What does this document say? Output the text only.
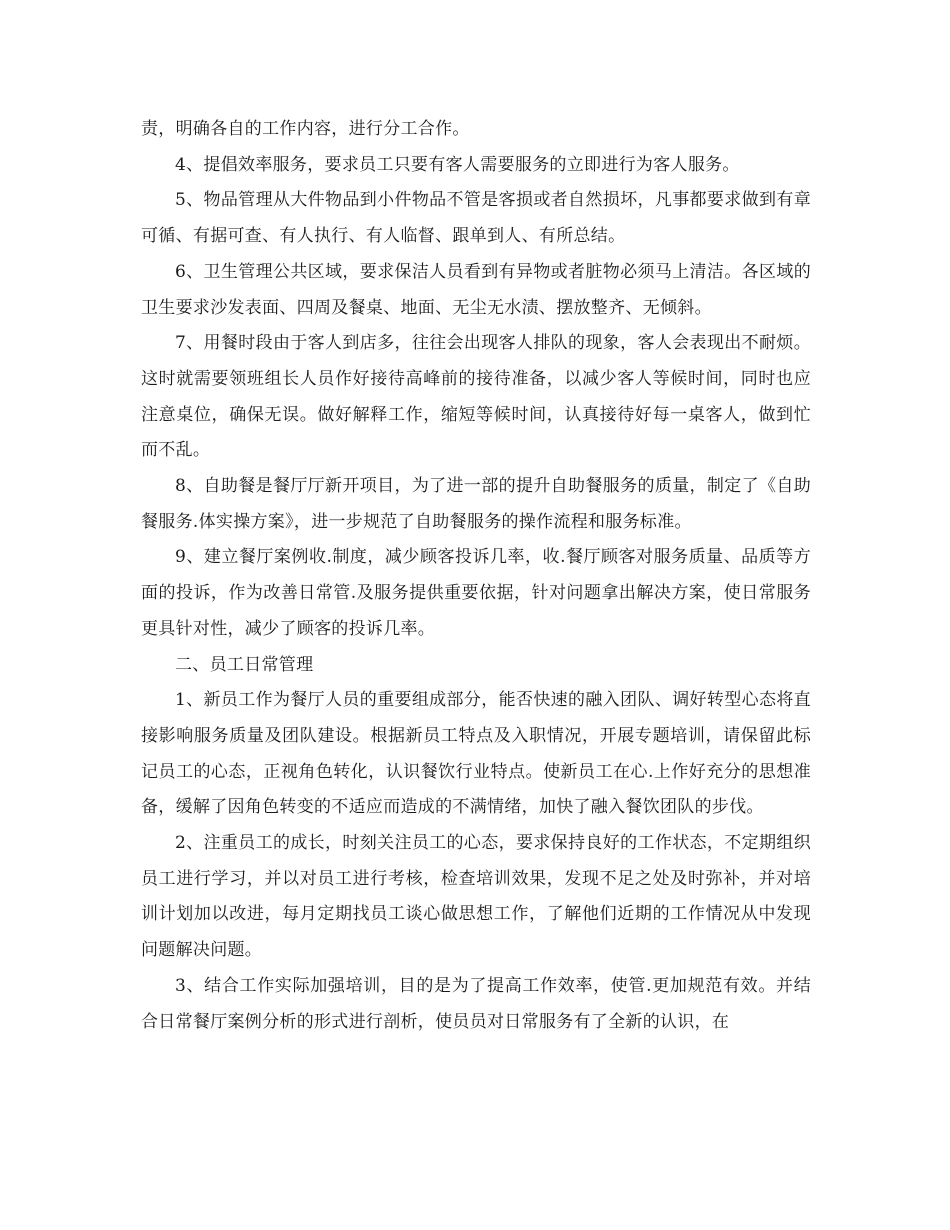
责，明确各自的工作内容，进行分工合作。

4、提倡效率服务，要求员工只要有客人需要服务的立即进行为客人服务。

5、物品管理从大件物品到小件物品不管是客损或者自然损坏，凡事都要求做到有章可循、有据可查、有人执行、有人临督、跟单到人、有所总结。

6、卫生管理公共区域，要求保洁人员看到有异物或者脏物必须马上清洁。各区域的卫生要求沙发表面、四周及餐桌、地面、无尘无水渍、摆放整齐、无倾斜。

7、用餐时段由于客人到店多，往往会出现客人排队的现象，客人会表现出不耐烦。这时就需要领班组长人员作好接待高峰前的接待准备，以减少客人等候时间，同时也应注意桌位，确保无误。做好解释工作，缩短等候时间，认真接待好每一桌客人，做到忙而不乱。

8、自助餐是餐厅厅新开项目，为了进一部的提升自助餐服务的质量，制定了《自助餐服务.体实操方案》，进一步规范了自助餐服务的操作流程和服务标准。

9、建立餐厅案例收.制度，减少顾客投诉几率，收.餐厅顾客对服务质量、品质等方面的投诉，作为改善日常管.及服务提供重要依据，针对问题拿出解决方案，使日常服务更具针对性，减少了顾客的投诉几率。

二、员工日常管理

1、新员工作为餐厅人员的重要组成部分，能否快速的融入团队、调好转型心态将直接影响服务质量及团队建设。根据新员工特点及入职情况，开展专题培训，请保留此标记员工的心态，正视角色转化，认识餐饮行业特点。使新员工在心.上作好充分的思想准备，缓解了因角色转变的不适应而造成的不满情绪，加快了融入餐饮团队的步伐。

2、注重员工的成长，时刻关注员工的心态，要求保持良好的工作状态，不定期组织员工进行学习，并以对员工进行考核，检查培训效果，发现不足之处及时弥补，并对培训计划加以改进，每月定期找员工谈心做思想工作，了解他们近期的工作情况从中发现问题解决问题。

3、结合工作实际加强培训，目的是为了提高工作效率，使管.更加规范有效。并结合日常餐厅案例分析的形式进行剖析，使员员对日常服务有了全新的认识，在
